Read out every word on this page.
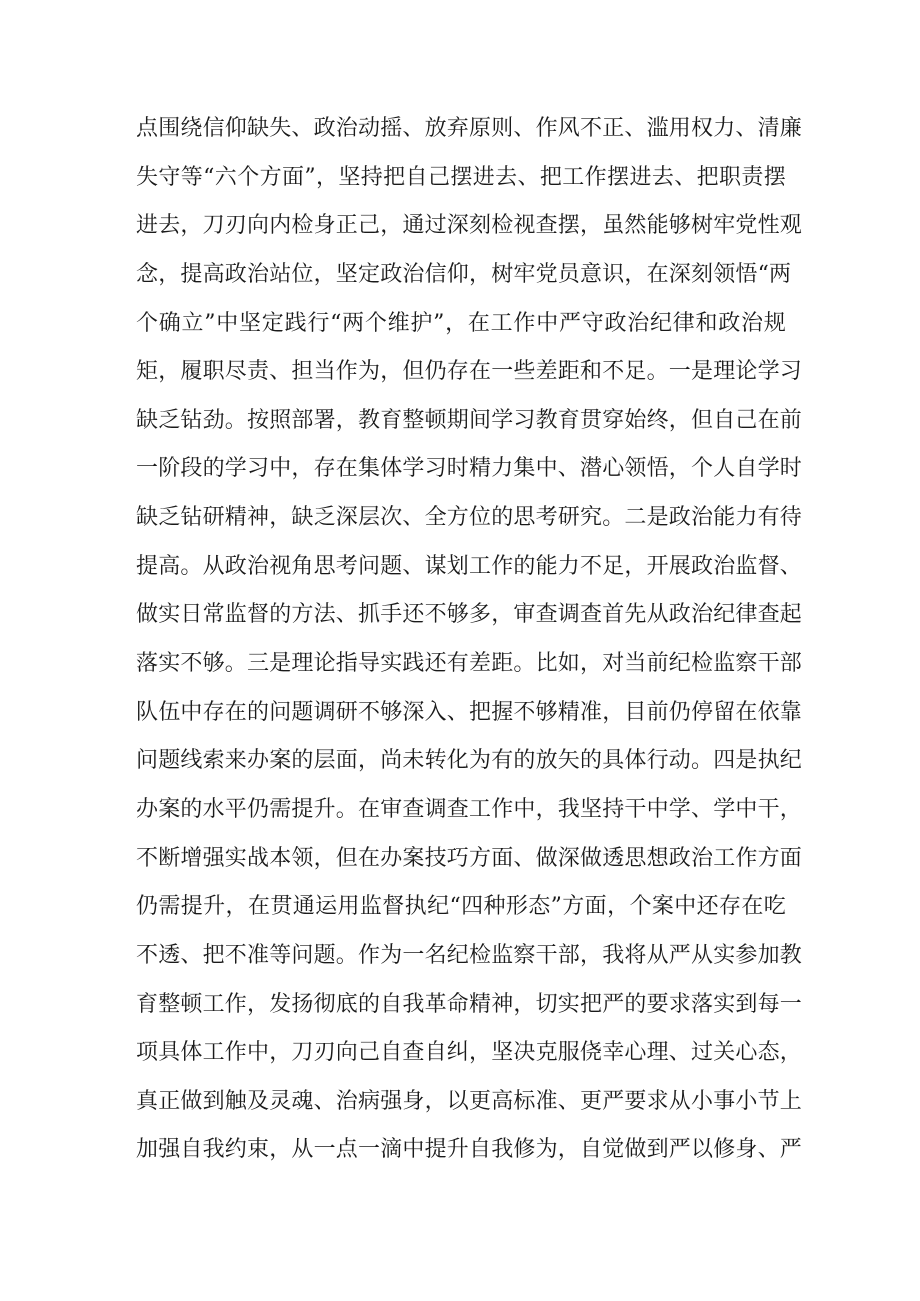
点围绕信仰缺失、政治动摇、放弃原则、作风不正、滥用权力、清廉
失守等“六个方面”，坚持把自己摆进去、把工作摆进去、把职责摆
进去，刀刃向内检身正己，通过深刻检视查摆，虽然能够树牢党性观
念，提高政治站位，坚定政治信仰，树牢党员意识，在深刻领悟“两
个确立”中坚定践行“两个维护”，在工作中严守政治纪律和政治规
矩，履职尽责、担当作为，但仍存在一些差距和不足。一是理论学习
缺乏钻劲。按照部署，教育整顿期间学习教育贯穿始终，但自己在前
一阶段的学习中，存在集体学习时精力集中、潜心领悟，个人自学时
缺乏钻研精神，缺乏深层次、全方位的思考研究。二是政治能力有待
提高。从政治视角思考问题、谋划工作的能力不足，开展政治监督、
做实日常监督的方法、抓手还不够多，审查调查首先从政治纪律查起
落实不够。三是理论指导实践还有差距。比如，对当前纪检监察干部
队伍中存在的问题调研不够深入、把握不够精准，目前仍停留在依靠
问题线索来办案的层面，尚未转化为有的放矢的具体行动。四是执纪
办案的水平仍需提升。在审查调查工作中，我坚持干中学、学中干，
不断增强实战本领，但在办案技巧方面、做深做透思想政治工作方面
仍需提升，在贯通运用监督执纪“四种形态”方面，个案中还存在吃
不透、把不准等问题。作为一名纪检监察干部，我将从严从实参加教
育整顿工作，发扬彻底的自我革命精神，切实把严的要求落实到每一
项具体工作中，刀刃向己自查自纠，坚决克服侥幸心理、过关心态，
真正做到触及灵魂、治病强身，以更高标准、更严要求从小事小节上
加强自我约束，从一点一滴中提升自我修为，自觉做到严以修身、严
